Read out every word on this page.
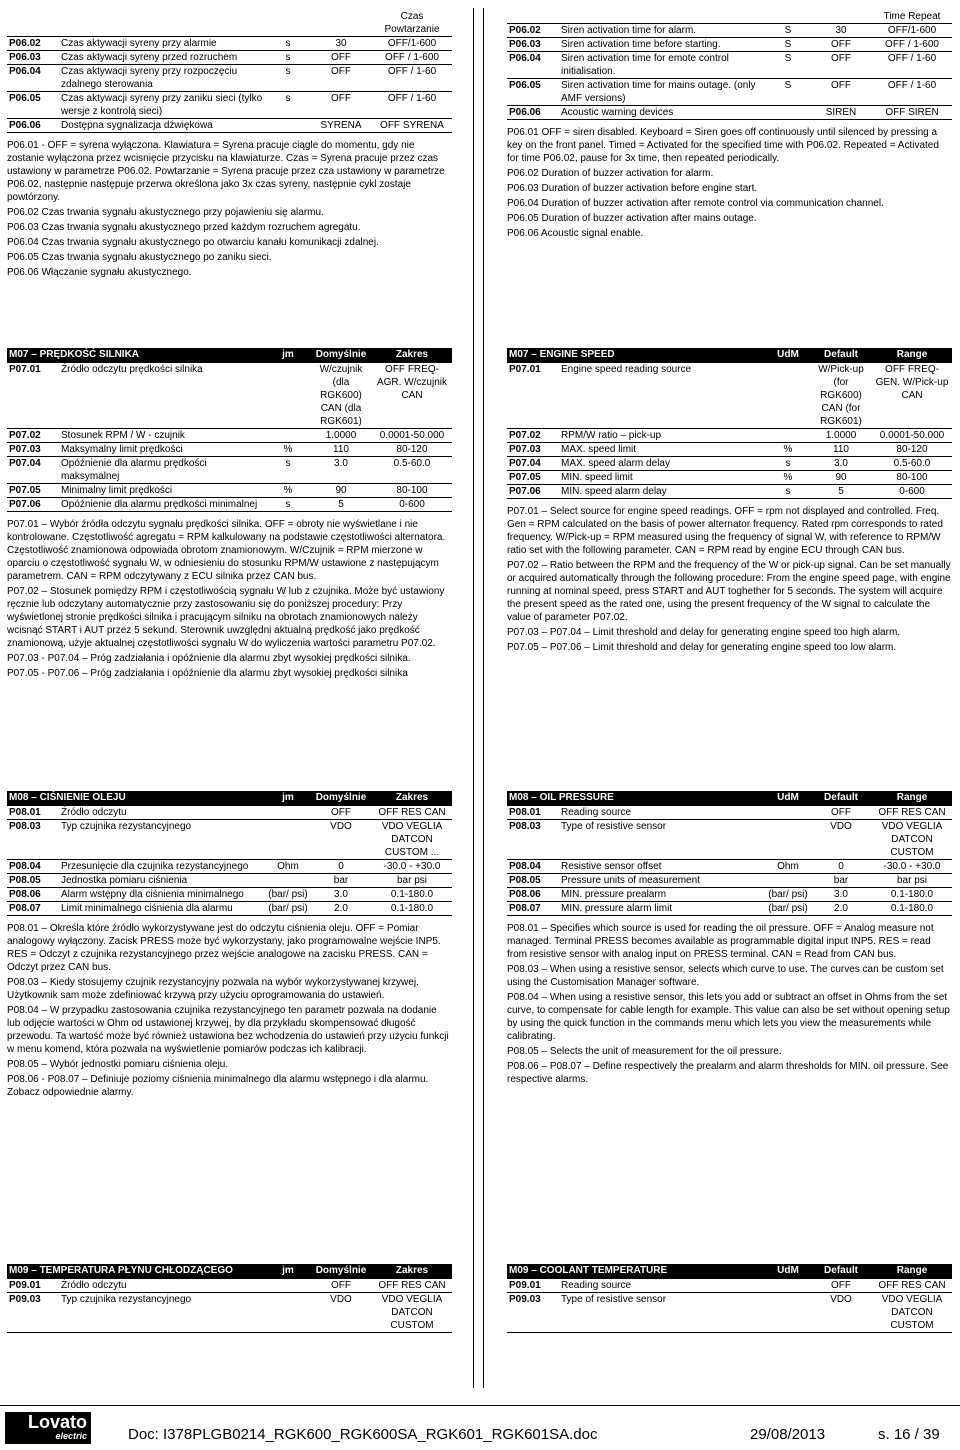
				Czas Powtarzanie
P06.02	Czas aktywacji syreny przy alarmie	s	30	OFF/1-600
P06.03	Czas aktywacji syreny przed rozruchem	s	OFF	OFF / 1-600
P06.04	Czas aktywacji syreny przy rozpoczęciu zdalnego sterowania	s	OFF	OFF / 1-60
P06.05	Czas aktywacji syreny przy zaniku sieci (tylko wersje z kontrolą sieci)	s	OFF	OFF / 1-60
P06.06	Dostępna sygnalizacja dźwiękowa		SYRENA	OFF SYRENA

P06.01 - OFF = syrena wyłączona. Klawiatura = Syrena pracuje ciągle do momentu, gdy nie zostanie wyłączona przez wcisnięcie przycisku na klawiaturze. Czas = Syrena pracuje przez czas ustawiony w parametrze P06.02. Powtarzanie = Syrena pracuje przez cza ustawiony w parametrze P06.02, następnie następuje przerwa określona jako 3x czas syreny, następnie cykl zostaje powtórzony.

P06.02 Czas trwania sygnału akustycznego przy pojawieniu się alarmu.

P06.03 Czas trwania sygnału akustycznego przed każdym rozruchem agregatu.

P06.04 Czas trwania sygnału akustycznego po otwarciu kanału komunikacji zdalnej.

P06.05 Czas trwania sygnału akustycznego po zaniku sieci.

P06.06 Włączanie sygnału akustycznego.

M07 – PRĘDKOŚĆ SILNIKA		jm	Domyślnie	Zakres
P07.01	Źródło odczytu prędkości silnika		W/czujnik (dla RGK600) CAN (dla RGK601)	OFF FREQ-AGR. W/czujnik CAN
P07.02	Stosunek RPM / W - czujnik		1.0000	0.0001-50.000
P07.03	Maksymalny limit prędkości	%	110	80-120
P07.04	Opóźnienie dla alarmu prędkości maksymalnej	s	3.0	0.5-60.0
P07.05	Minimalny limit prędkości	%	90	80-100
P07.06	Opóźnienie dla alarmu prędkości minimalnej	s	5	0-600

P07.01 – Wybór źródła odczytu sygnału prędkości silnika. OFF = obroty nie wyświetlane i nie kontrolowane. Częstotliwość agregatu = RPM kalkulowany na podstawie częstotliwości alternatora. Częstotliwość znamionowa odpowiada obrotom znamionowym. W/Czujnik = RPM mierzone w oparciu o częstotliwość sygnału W, w odniesieniu do stosunku RPM/W ustawione z następującym parametrem. CAN = RPM odczytywany z ECU silnika przez CAN bus.

P07.02 – Stosunek pomiędzy RPM i częstotliwością sygnału W lub z czujnika. Może być ustawiony ręcznie lub odczytany automatycznie przy zastosowaniu się do poniższej procedury: Przy wyświetlonej stronie prędkości silnika i pracującym silniku na obrotach znamionowych należy wcisnąć START i AUT przez 5 sekund. Sterownik uwzględni aktualną prędkość jako prędkość znamionową, użyje aktualnej częstotliwości sygnału W do wyliczenia wartości parametru P07.02.

P07.03 - P07.04 – Próg zadziałania i opóźnienie dla alarmu zbyt wysokiej prędkości silnika.

P07.05 - P07.06 – Próg zadziałania i opóźnienie dla alarmu zbyt wysokiej prędkości silnika

M08 – CIŚNIENIE OLEJU		jm	Domyślnie	Zakres
P08.01	Źródło odczytu		OFF	OFF RES CAN
P08.03	Typ czujnika rezystancyjnego		VDO	VDO VEGLIA DATCON CUSTOM ...
P08.04	Przesunięcie dla czujnika rezystancyjnego	Ohm	0	-30.0 - +30.0
P08.05	Jednostka pomiaru ciśnienia		bar	bar psi
P08.06	Alarm wstępny dla ciśnienia minimalnego	(bar/ psi)	3.0	0.1-180.0
P08.07	Limit minimalnego ciśnienia dla alarmu	(bar/ psi)	2.0	0.1-180.0

P08.01 – Określa które źródło wykorzystywane jest do odczytu ciśnienia oleju. OFF = Pomiar analogowy wyłączony. Zacisk PRESS może być wykorzystany, jako programowalne wejście INP5. RES = Odczyt z czujnika rezystancyjnego przez wejście analogowe na zacisku PRESS. CAN = Odczyt przez CAN bus.

P08.03 – Kiedy stosujemy czujnik rezystancyjny pozwala na wybór wykorzystywanej krzywej. Użytkownik sam może zdefiniować krzywą przy użyciu oprogramowania do ustawień.

P08.04 – W przypadku zastosowania czujnika rezystancyjnego ten parametr pozwala na dodanie lub odjęcie wartości w Ohm od ustawionej krzywej, by dla przykładu skompensować długość przewodu. Ta wartość może być również ustawiona bez wchodzenia do ustawień przy użyciu funkcji w menu komend, która pozwala na wyświetlenie pomiarów podczas ich kalibracji.

P08.05 – Wybór jednostki pomiaru ciśnienia oleju.

P08.06 - P08.07 – Definiuje poziomy ciśnienia minimalnego dla alarmu wstępnego i dla alarmu. Zobacz odpowiednie alarmy.

M09 – TEMPERATURA PŁYNU CHŁODZĄCEGO		jm	Domyślnie	Zakres
P09.01	Źródło odczytu		OFF	OFF RES CAN
P09.03	Typ czujnika rezystancyjnego		VDO	VDO VEGLIA DATCON CUSTOM
				Time Repeat
P06.02	Siren activation time for alarm.	S	30	OFF/1-600
P06.03	Siren activation time before starting.	S	OFF	OFF / 1-600
P06.04	Siren activation time for emote control initialisation.	S	OFF	OFF / 1-60
P06.05	Siren activation time for mains outage. (only AMF versions)	S	OFF	OFF / 1-60
P06.06	Acoustic warning devices		SIREN	OFF SIREN

P06.01 OFF = siren disabled. Keyboard = Siren goes off continuously until silenced by pressing a key on the front panel. Timed = Activated for the specified time with P06.02. Repeated = Activated for time P06.02, pause for 3x time, then repeated periodically.

P06.02 Duration of buzzer activation for alarm.

P06.03 Duration of buzzer activation before engine start.

P06.04 Duration of buzzer activation after remote control via communication channel.

P06.05 Duration of buzzer activation after mains outage.

P06.06 Acoustic signal enable.

M07 – ENGINE SPEED		UdM	Default	Range
P07.01	Engine speed reading source		W/Pick-up (for RGK600) CAN (for RGK601)	OFF FREQ-GEN. W/Pick-up CAN
P07.02	RPM/W ratio – pick-up		1.0000	0.0001-50.000
P07.03	MAX. speed limit	%	110	80-120
P07.04	MAX. speed alarm delay	s	3.0	0.5-60.0
P07.05	MIN. speed limit	%	90	80-100
P07.06	MIN. speed alarm delay	s	5	0-600

P07.01 – Select source for engine speed readings. OFF = rpm not displayed and controlled. Freq. Gen = RPM calculated on the basis of power alternator frequency. Rated rpm corresponds to rated frequency. W/Pick-up = RPM measured using the frequency of signal W, with reference to RPM/W ratio set with the following parameter. CAN = RPM read by engine ECU through CAN bus.

P07.02 – Ratio between the RPM and the frequency of the W or pick-up signal. Can be set manually or acquired automatically through the following procedure: From the engine speed page, with engine running at nominal speed, press START and AUT toghether for 5 seconds. The system will acquire the present speed as the rated one, using the present frequency of the W signal to calculate the value of parameter P07.02.

P07.03 – P07.04 – Limit threshold and delay for generating engine speed too high alarm.

P07.05 – P07.06 – Limit threshold and delay for generating engine speed too low alarm.

M08 – OIL PRESSURE		UdM	Default	Range
P08.01	Reading source		OFF	OFF RES CAN
P08.03	Type of resistive sensor		VDO	VDO VEGLIA DATCON CUSTOM
P08.04	Resistive sensor offset	Ohm	0	-30.0 - +30.0
P08.05	Pressure units of measurement		bar	bar psi
P08.06	MIN. pressure prealarm	(bar/ psi)	3.0	0.1-180.0
P08.07	MIN. pressure alarm limit	(bar/ psi)	2.0	0.1-180.0

P08.01 – Specifies which source is used for reading the oil pressure. OFF = Analog measure not managed. Terminal PRESS becomes available as programmable digital input INP5. RES = read from resistive sensor with analog input on PRESS terminal. CAN = Read from CAN bus.

P08.03 – When using a resistive sensor, selects which curve to use. The curves can be custom set using the Customisation Manager software.

P08.04 – When using a resistive sensor, this lets you add or subtract an offset in Ohms from the set curve, to compensate for cable length for example. This value can also be set without opening setup by using the quick function in the commands menu which lets you view the measurements while calibrating.

P08.05 – Selects the unit of measurement for the oil pressure.

P08.06 – P08.07 – Define respectively the prealarm and alarm thresholds for MIN. oil pressure. See respective alarms.

M09 – COOLANT TEMPERATURE		UdM	Default	Range
P09.01	Reading source		OFF	OFF RES CAN
P09.03	Type of resistive sensor		VDO	VDO VEGLIA DATCON CUSTOM
Lovato
electric	Doc: I378PLGB0214_RGK600_RGK600SA_RGK601_RGK601SA.doc	29/08/2013	s. 16 / 39
